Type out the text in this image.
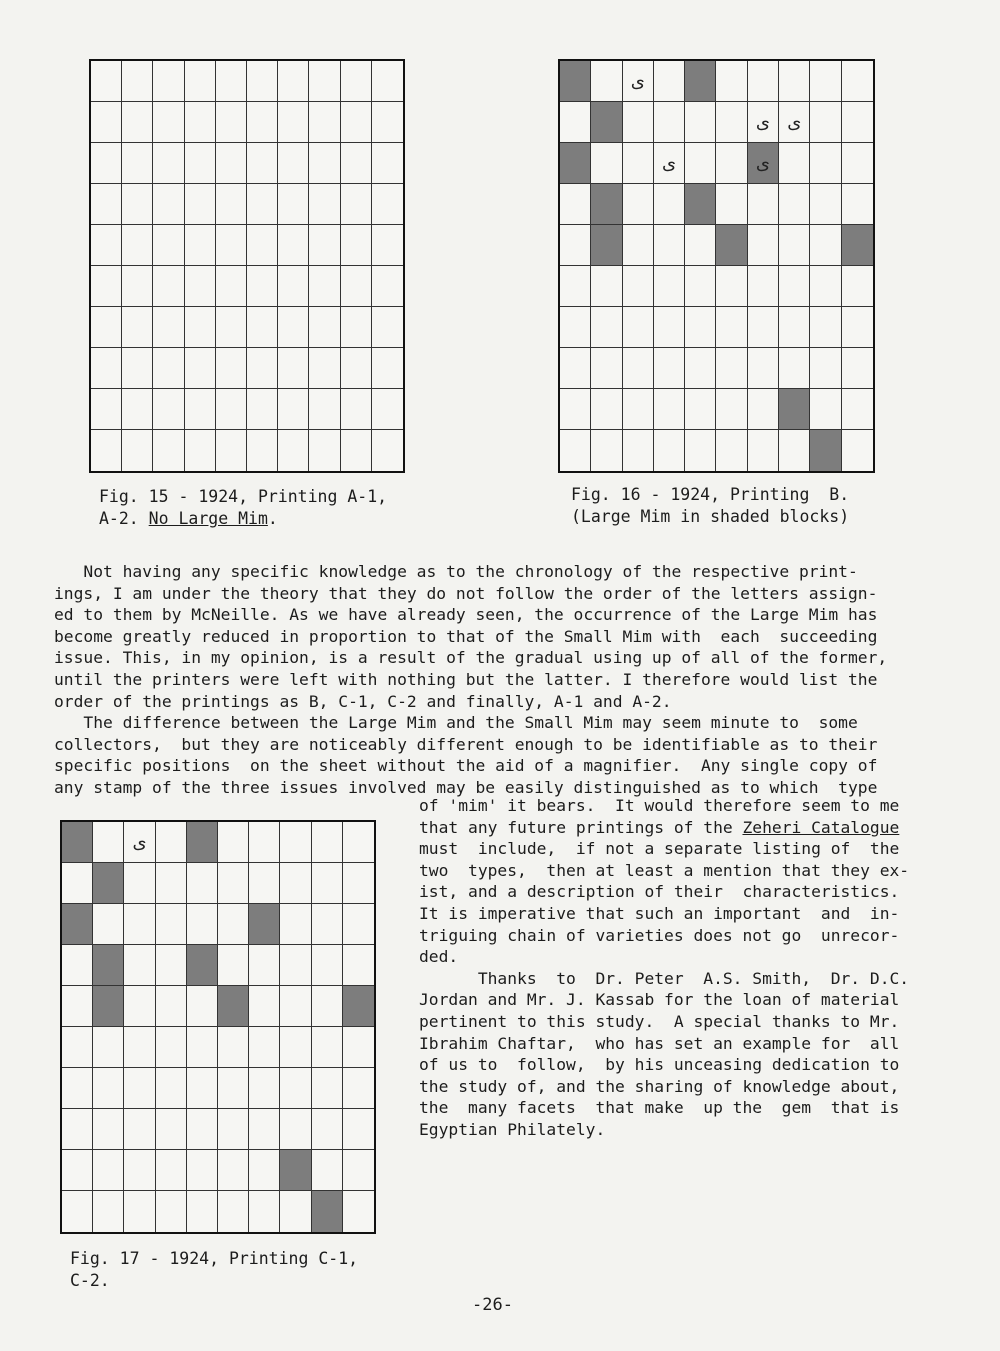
Fig. 15 - 1924, Printing A-1,
A-2. No Large Mim.
ی
ی ی
ی	ی
Fig. 16 - 1924, Printing  B.
(Large Mim in shaded blocks)
Not having any specific knowledge as to the chronology of the respective print-
ings, I am under the theory that they do not follow the order of the letters assign-
ed to them by McNeille. As we have already seen, the occurrence of the Large Mim has
become greatly reduced in proportion to that of the Small Mim with  each  succeeding
issue. This, in my opinion, is a result of the gradual using up of all of the former,
until the printers were left with nothing but the latter. I therefore would list the
order of the printings as B, C-1, C-2 and finally, A-1 and A-2.
The difference between the Large Mim and the Small Mim may seem minute to  some
collectors,  but they are noticeably different enough to be identifiable as to their
specific positions  on the sheet without the aid of a magnifier.  Any single copy of
any stamp of the three issues involved may be easily distinguished as to which  type
ی
Fig. 17 - 1924, Printing C-1,
C-2.
of 'mim' it bears.  It would therefore seem to me
that any future printings of the Zeheri Catalogue
must  include,  if not a separate listing of  the
two  types,  then at least a mention that they ex-
ist, and a description of their  characteristics.
It is imperative that such an important  and  in-
triguing chain of varieties does not go  unrecor-
ded.
Thanks  to  Dr. Peter  A.S. Smith,  Dr. D.C.
Jordan and Mr. J. Kassab for the loan of material
pertinent to this study.  A special thanks to Mr.
Ibrahim Chaftar,  who has set an example for  all
of us to  follow,  by his unceasing dedication to
the study of, and the sharing of knowledge about,
the  many facets  that make  up the  gem  that is
Egyptian Philately.
-26-
